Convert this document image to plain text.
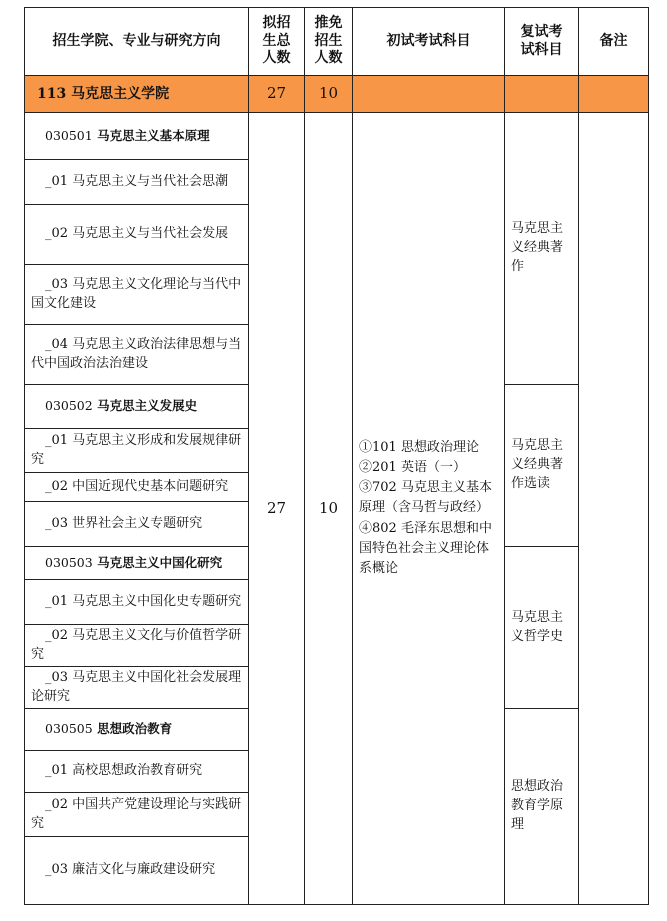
招生学院、专业与研究方向	拟招
生总
人数	推免
招生
人数	初试考试科目	复试考
试科目	备注
113 马克思主义学院	27	10			
030501 马克思主义基本原理	27	10	①101 思想政治理论
②201 英语（一）
③702 马克思主义基本原理（含马哲与政经）
④802 毛泽东思想和中国特色社会主义理论体系概论	马克思主义经典著作	
_01 马克思主义与当代社会思潮					
_02 马克思主义与当代社会发展					
_03 马克思主义文化理论与当代中国文化建设					
_04 马克思主义政治法律思想与当代中国政治法治建设					
030502 马克思主义发展史				马克思主义经典著作选读	
_01 马克思主义形成和发展规律研究					
_02 中国近现代史基本问题研究					
_03 世界社会主义专题研究					
030503 马克思主义中国化研究				马克思主义哲学史	
_01 马克思主义中国化史专题研究					
_02 马克思主义文化与价值哲学研究					
_03 马克思主义中国化社会发展理论研究					
030505 思想政治教育				思想政治教育学原理	
_01 高校思想政治教育研究					
_02 中国共产党建设理论与实践研究					
_03 廉洁文化与廉政建设研究					
